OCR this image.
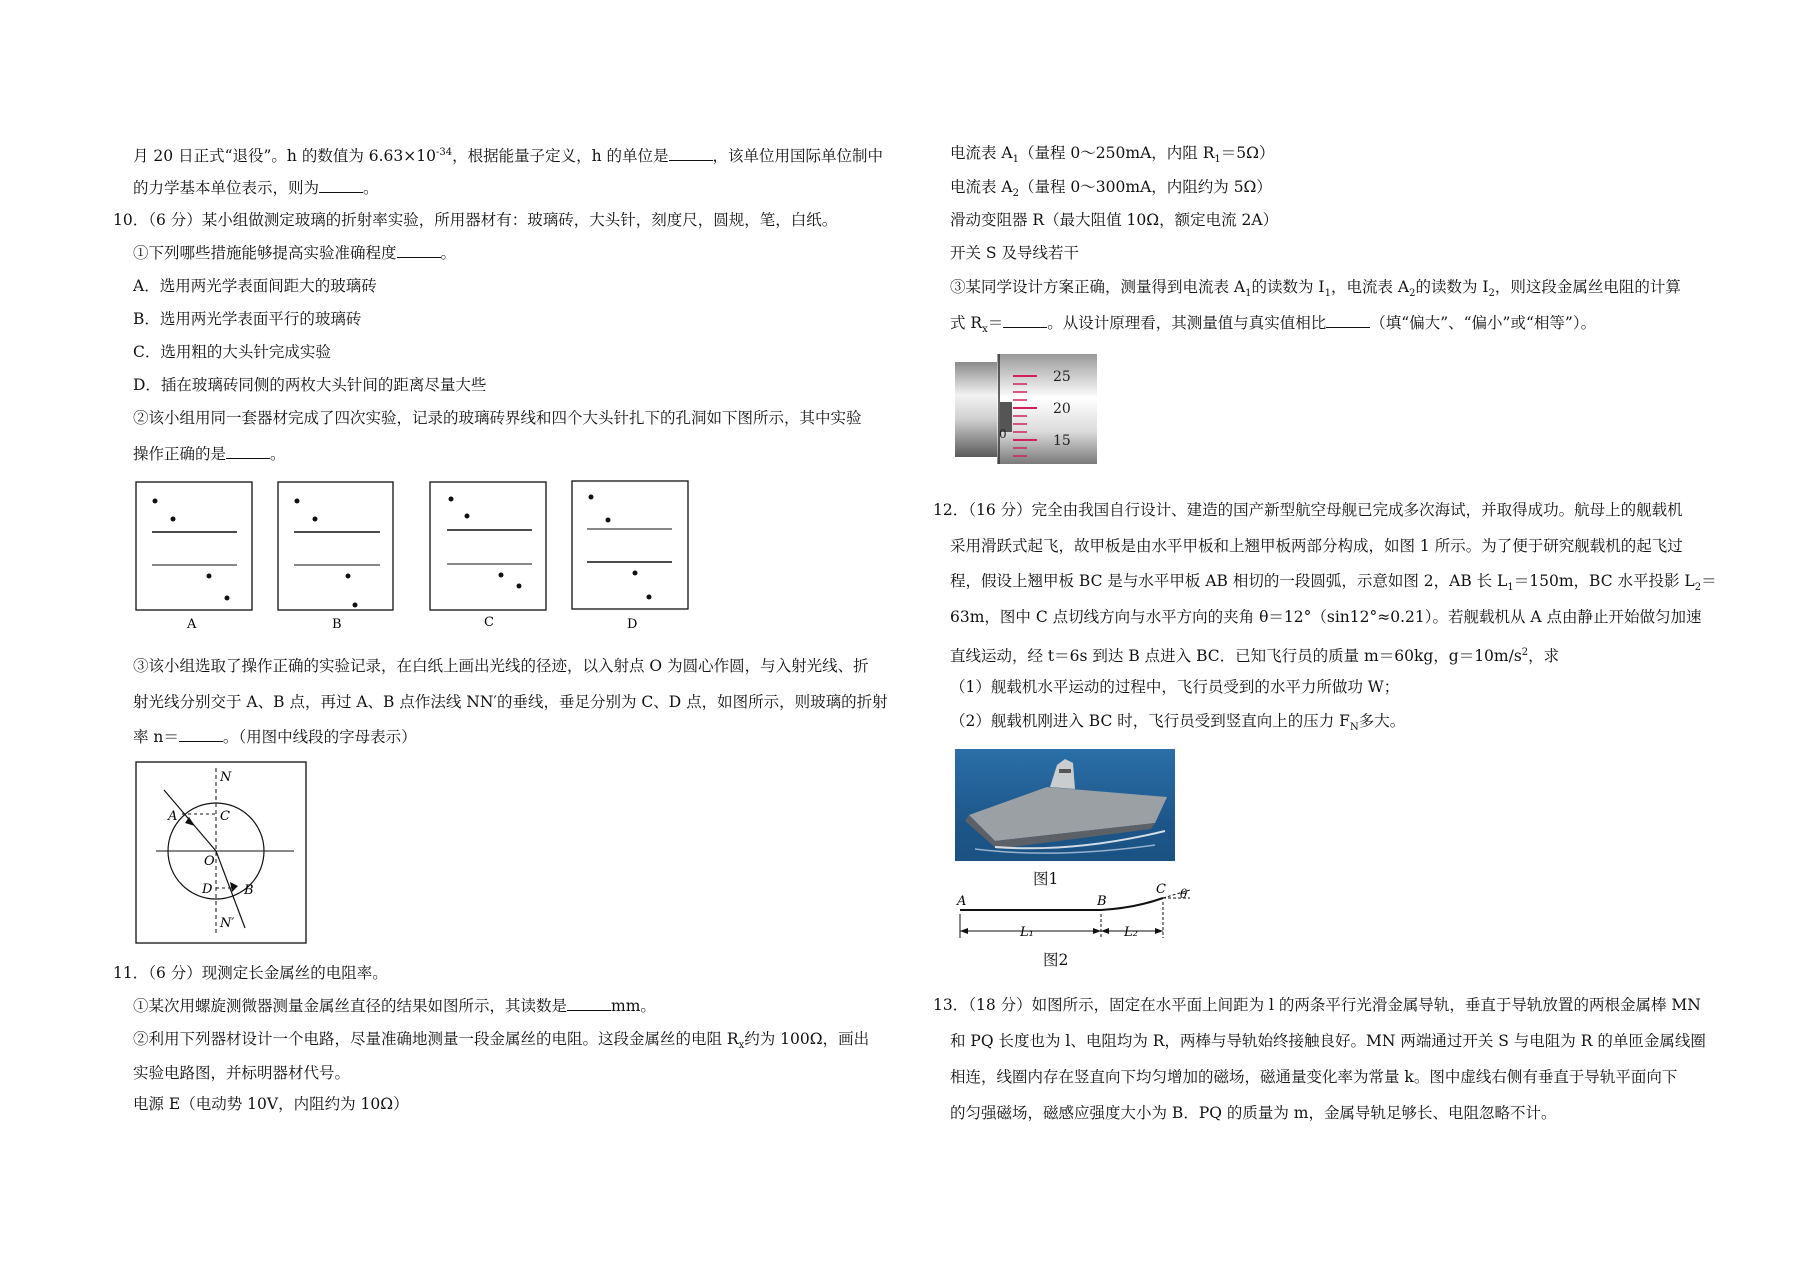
月 20 日正式“退役”。h 的数值为 $6.63\times 10^{-34}$，根据能量子定义，h 的单位是	，该单位用国际单位制中
的力学基本单位表示，则为	。
10．（6 分）某小组做测定玻璃的折射率实验，所用器材有：玻璃砖，大头针，刻度尺，圆规，笔，白纸。
①下列哪些措施能够提高实验准确程度	。
A．选用两光学表面间距大的玻璃砖
B．选用两光学表面平行的玻璃砖
C．选用粗的大头针完成实验
D．插在玻璃砖同侧的两枚大头针间的距离尽量大些
②该小组用同一套器材完成了四次实验，记录的玻璃砖界线和四个大头针扎下的孔洞如下图所示，其中实验
操作正确的是	。
A	B	C	D
③该小组选取了操作正确的实验记录，在白纸上画出光线的径迹，以入射点 O 为圆心作圆，与入射光线、折
射光线分别交于 A、B 点，再过 A、B 点作法线 NN′的垂线，垂足分别为 C、D 点，如图所示，则玻璃的折射
率 n＝	。（用图中线段的字母表示）
N
A	C
O
D B
N′
11．（6 分）现测定长金属丝的电阻率。
①某次用螺旋测微器测量金属丝直径的结果如图所示，其读数是	mm。
②利用下列器材设计一个电路，尽量准确地测量一段金属丝的电阻。这段金属丝的电阻 $R_x$约为 100Ω，画出
实验电路图，并标明器材代号。
电源 E（电动势 10V，内阻约为 10Ω）
电流表 $A_1$（量程 0～250mA，内阻 $R_1=5\Omega$）
电流表 $A_2$（量程 0～300mA，内阻约为 5Ω）
滑动变阻器 R（最大阻值 10Ω，额定电流 2A）
开关 S 及导线若干
③某同学设计方案正确，测量得到电流表 $A_1$的读数为 $I_1$，电流表 $A_2$的读数为 $I_2$，则这段金属丝电阻的计算
式 $R_x=$	。从设计原理看，其测量值与真实值相比	（填“偏大”、“偏小”或“相等”）。
25
20
15
0
12．（16 分）完全由我国自行设计、建造的国产新型航空母舰已完成多次海试，并取得成功。航母上的舰载机
采用滑跃式起飞，故甲板是由水平甲板和上翘甲板两部分构成，如图 1 所示。为了便于研究舰载机的起飞过
程，假设上翘甲板 BC 是与水平甲板 AB 相切的一段圆弧，示意如图 2，AB 长 $L_1=150m$，BC 水平投影 $L_2=$
63m，图中 C 点切线方向与水平方向的夹角 θ＝12°（sin12°≈0.21）。若舰载机从 A 点由静止开始做匀加速
直线运动，经 t＝6s 到达 B 点进入 BC．已知飞行员的质量 m＝60kg，$g=10m/s^2$，求
（1）舰载机水平运动的过程中，飞行员受到的水平力所做功 W；
（2）舰载机刚进入 BC 时，飞行员受到竖直向上的压力 $F_N$多大。
图1
A	B
C θ
L₁	L₂
图2
13．（18 分）如图所示，固定在水平面上间距为 l 的两条平行光滑金属导轨，垂直于导轨放置的两根金属棒 MN
和 PQ 长度也为 l、电阻均为 R，两棒与导轨始终接触良好。MN 两端通过开关 S 与电阻为 R 的单匝金属线圈
相连，线圈内存在竖直向下均匀增加的磁场，磁通量变化率为常量 k。图中虚线右侧有垂直于导轨平面向下
的匀强磁场，磁感应强度大小为 B．PQ 的质量为 m，金属导轨足够长、电阻忽略不计。
